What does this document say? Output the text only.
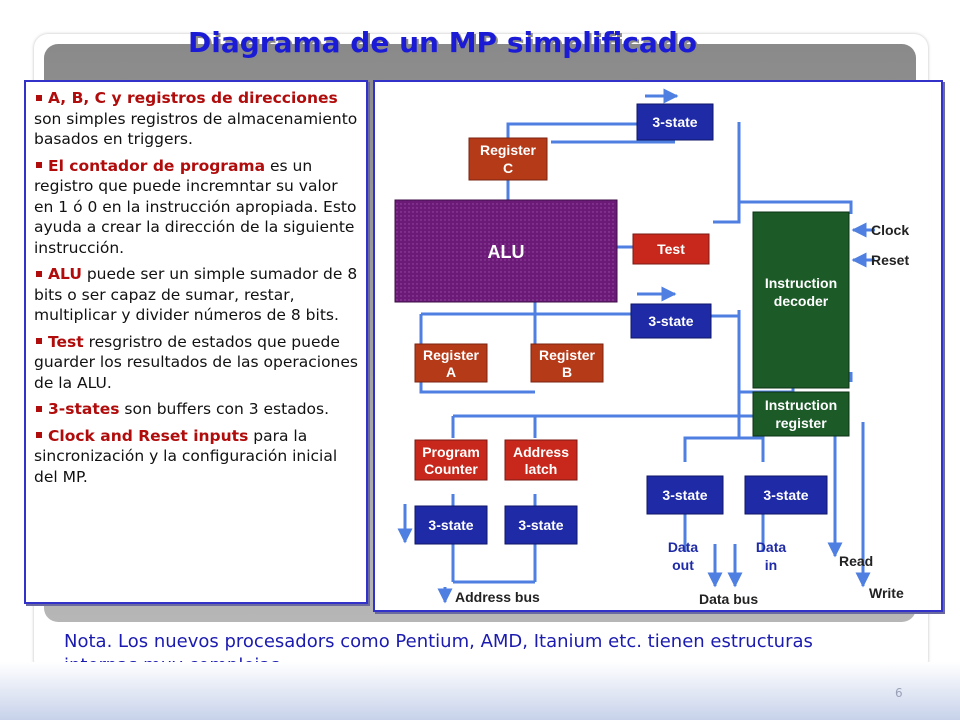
Diagrama de un MP simplificado
A, B, C y registros de direcciones son simples registros de almacenamiento basados en triggers.
El contador de programa es un registro que puede incremntar su valor en 1 ó 0 en la instrucción apropiada. Esto ayuda a crear la dirección de la siguiente instrucción.
ALU puede ser un simple sumador de 8 bits o ser capaz de sumar, restar, multiplicar y divider números de 8 bits.
Test resgristro de estados que puede guarder los resultados de las operaciones de la ALU.
3-states son buffers con 3 estados.
Clock and Reset inputs para la sincronización y la configuración inicial del MP.
Register
C
3-state
ALU	Test
3-state
Register
A
Register
B
Program
Counter
Address
latch
3-state	3-state
3-state	3-state
Instruction
decoder
Instruction
register
Clock
Reset
Read
Write
Data
out
Data
in
Address bus	Data bus
Nota. Los nuevos procesadors como Pentium, AMD, Itanium etc. tienen estructuras
6
